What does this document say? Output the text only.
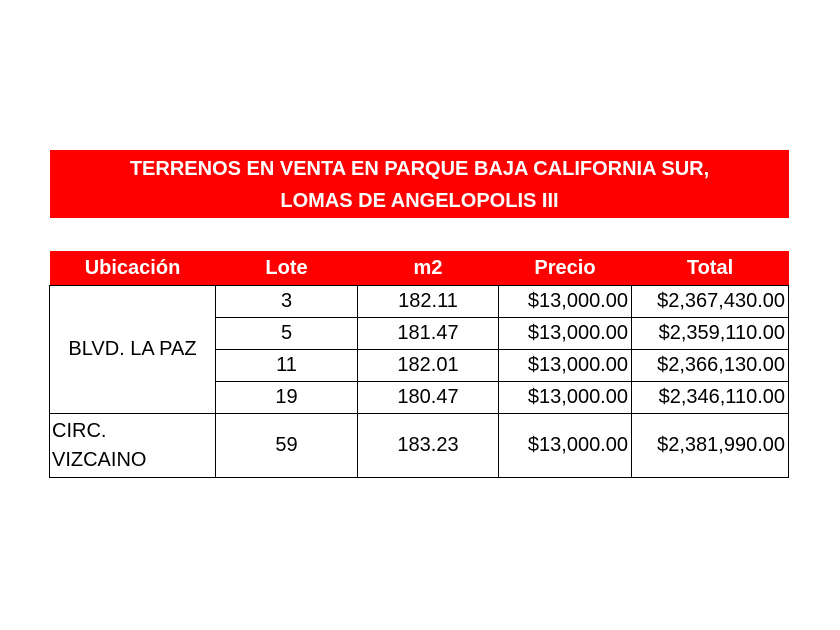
TERRENOS EN VENTA EN PARQUE BAJA CALIFORNIA SUR,
LOMAS DE ANGELOPOLIS III
Ubicación	Lote	m2	Precio	Total
BLVD. LA PAZ	3	182.11	$13,000.00	$2,367,430.00
	5	181.47	$13,000.00	$2,359,110.00
	11	182.01	$13,000.00	$2,366,130.00
	19	180.47	$13,000.00	$2,346,110.00
CIRC.
VIZCAINO	59	183.23	$13,000.00	$2,381,990.00
